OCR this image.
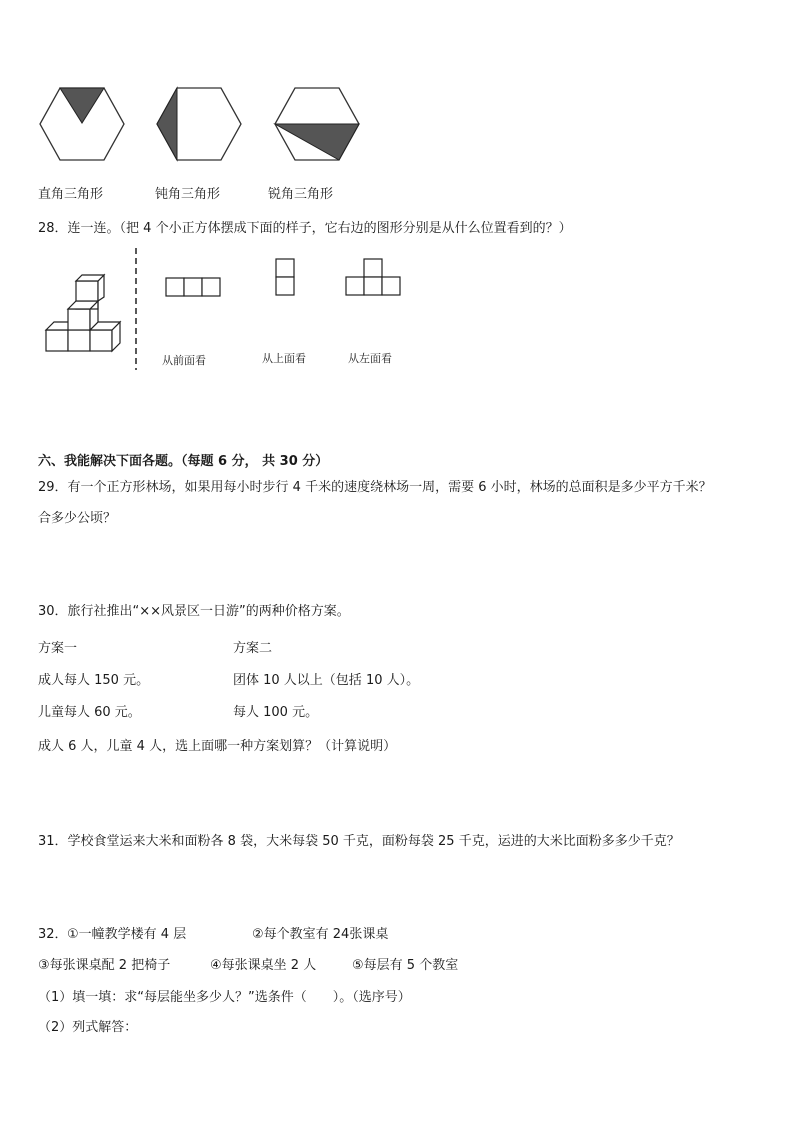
直角三角形	钝角三角形	锐角三角形
28．连一连。（把 4 个小正方体摆成下面的样子，它右边的图形分别是从什么位置看到的？）
从前面看	从上面看	从左面看
六、我能解决下面各题。（每题 6 分， 共 30 分）
29．有一个正方形林场，如果用每小时步行 4 千米的速度绕林场一周，需要 6 小时，林场的总面积是多少平方千米？
合多少公顷？
30．旅行社推出“××风景区一日游”的两种价格方案。
方案一	方案二
成人每人 150 元。	团体 10 人以上（包括 10 人）。
儿童每人 60 元。	每人 100 元。
成人 6 人，儿童 4 人，选上面哪一种方案划算？（计算说明）
31．学校食堂运来大米和面粉各 8 袋，大米每袋 50 千克，面粉每袋 25 千克，运进的大米比面粉多多少千克？
32． ①一幢教学楼有 4 层	②每个教室有 24张课桌
③每张课桌配 2 把椅子	④每张课桌坐 2 人	⑤每层有 5 个教室
（1）填一填：求“每层能坐多少人？”选条件（　　）。（选序号）
（2）列式解答：
